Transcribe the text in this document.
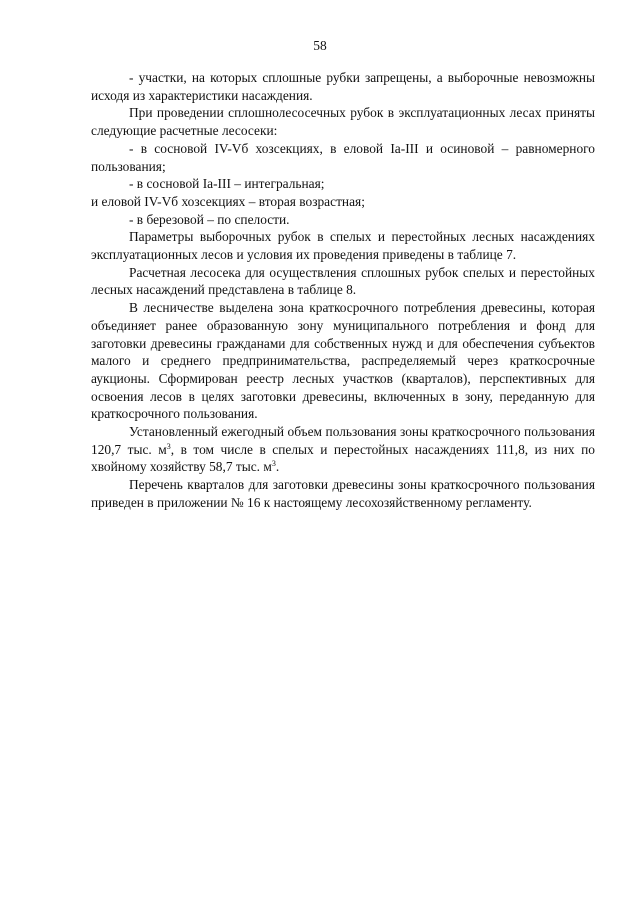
58

- участки, на которых сплошные рубки запрещены, а выборочные невозможны исходя из характеристики насаждения.

При проведении сплошнолесосечных рубок в эксплуатационных лесах приняты следующие расчетные лесосеки:

- в сосновой IV-Vб хозсекциях, в еловой Iа-III и осиновой – равномерного пользования;

- в сосновой Iа-III – интегральная;

и еловой IV-Vб хозсекциях – вторая возрастная;

- в березовой – по спелости.

Параметры выборочных рубок в спелых и перестойных лесных насаждениях эксплуатационных лесов и условия их проведения приведены в таблице 7.

Расчетная лесосека для осуществления сплошных рубок спелых и перестойных лесных насаждений представлена в таблице 8.

В лесничестве выделена зона краткосрочного потребления древесины, которая объединяет ранее образованную зону муниципального потребления и фонд для заготовки древесины гражданами для собственных нужд и для обеспечения субъектов малого и среднего предпринимательства, распределяемый через краткосрочные аукционы. Сформирован реестр лесных участков (кварталов), перспективных для освоения лесов в целях заготовки древесины, включенных в зону, переданную для краткосрочного пользования.

Установленный ежегодный объем пользования зоны краткосрочного пользования 120,7 тыс. $м^3$, в том числе в спелых и перестойных насаждениях 111,8, из них по хвойному хозяйству 58,7 тыс. $м^3$.

Перечень кварталов для заготовки древесины зоны краткосрочного пользования приведен в приложении № 16 к настоящему лесохозяйственному регламенту.
